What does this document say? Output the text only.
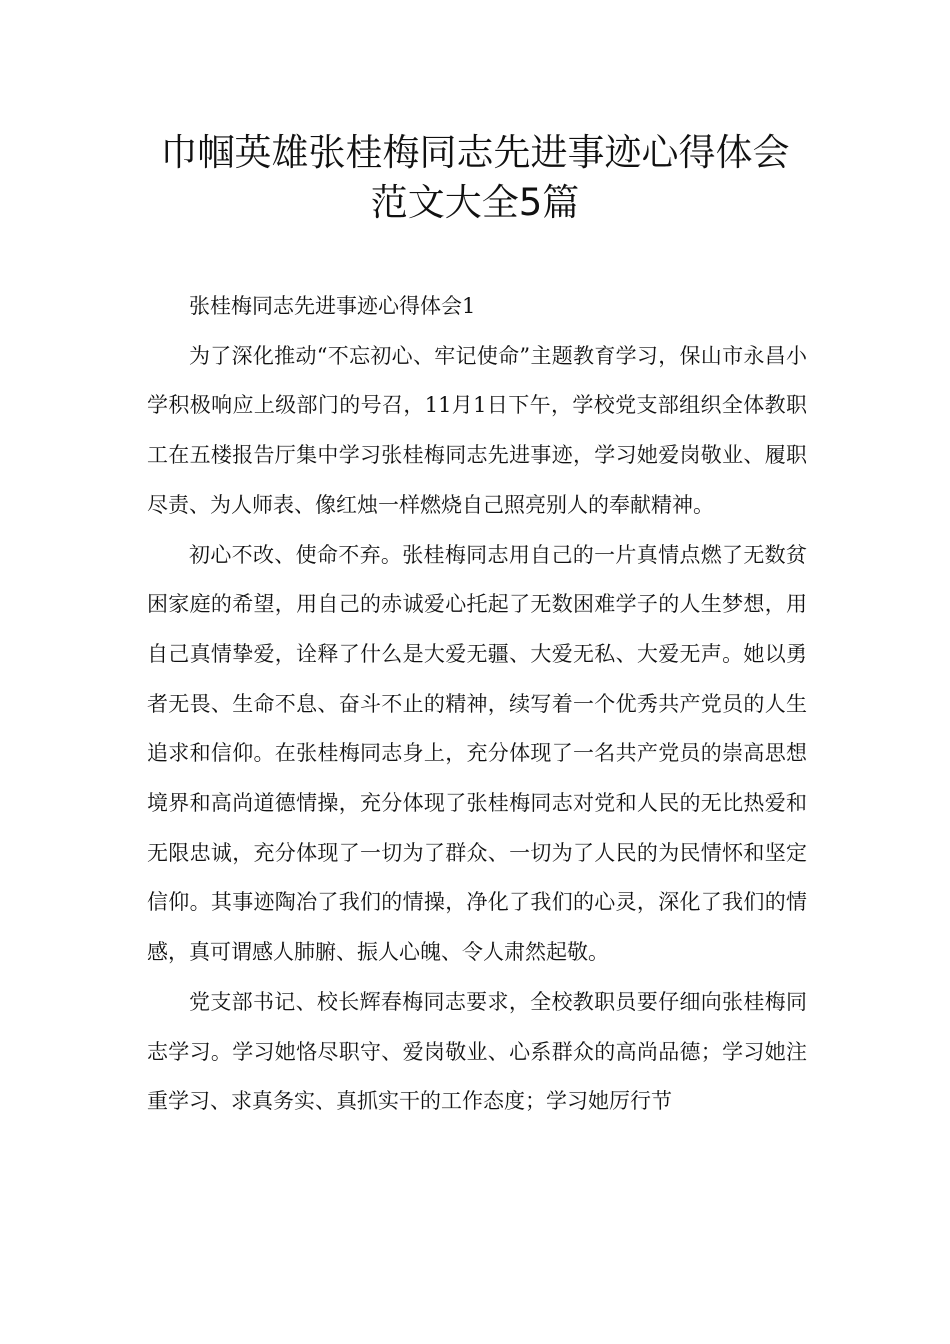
巾帼英雄张桂梅同志先进事迹心得体会
范文大全5篇

张桂梅同志先进事迹心得体会1

为了深化推动“不忘初心、牢记使命”主题教育学习，保山市永昌小学积极响应上级部门的号召，11月1日下午，学校党支部组织全体教职工在五楼报告厅集中学习张桂梅同志先进事迹，学习她爱岗敬业、履职尽责、为人师表、像红烛一样燃烧自己照亮别人的奉献精神。

初心不改、使命不弃。张桂梅同志用自己的一片真情点燃了无数贫困家庭的希望，用自己的赤诚爱心托起了无数困难学子的人生梦想，用自己真情挚爱，诠释了什么是大爱无疆、大爱无私、大爱无声。她以勇者无畏、生命不息、奋斗不止的精神，续写着一个优秀共产党员的人生追求和信仰。在张桂梅同志身上，充分体现了一名共产党员的崇高思想境界和高尚道德情操，充分体现了张桂梅同志对党和人民的无比热爱和无限忠诚，充分体现了一切为了群众、一切为了人民的为民情怀和坚定信仰。其事迹陶冶了我们的情操，净化了我们的心灵，深化了我们的情感，真可谓感人肺腑、振人心魄、令人肃然起敬。

党支部书记、校长辉春梅同志要求，全校教职员要仔细向张桂梅同志学习。学习她恪尽职守、爱岗敬业、心系群众的高尚品德；学习她注重学习、求真务实、真抓实干的工作态度；学习她厉行节
